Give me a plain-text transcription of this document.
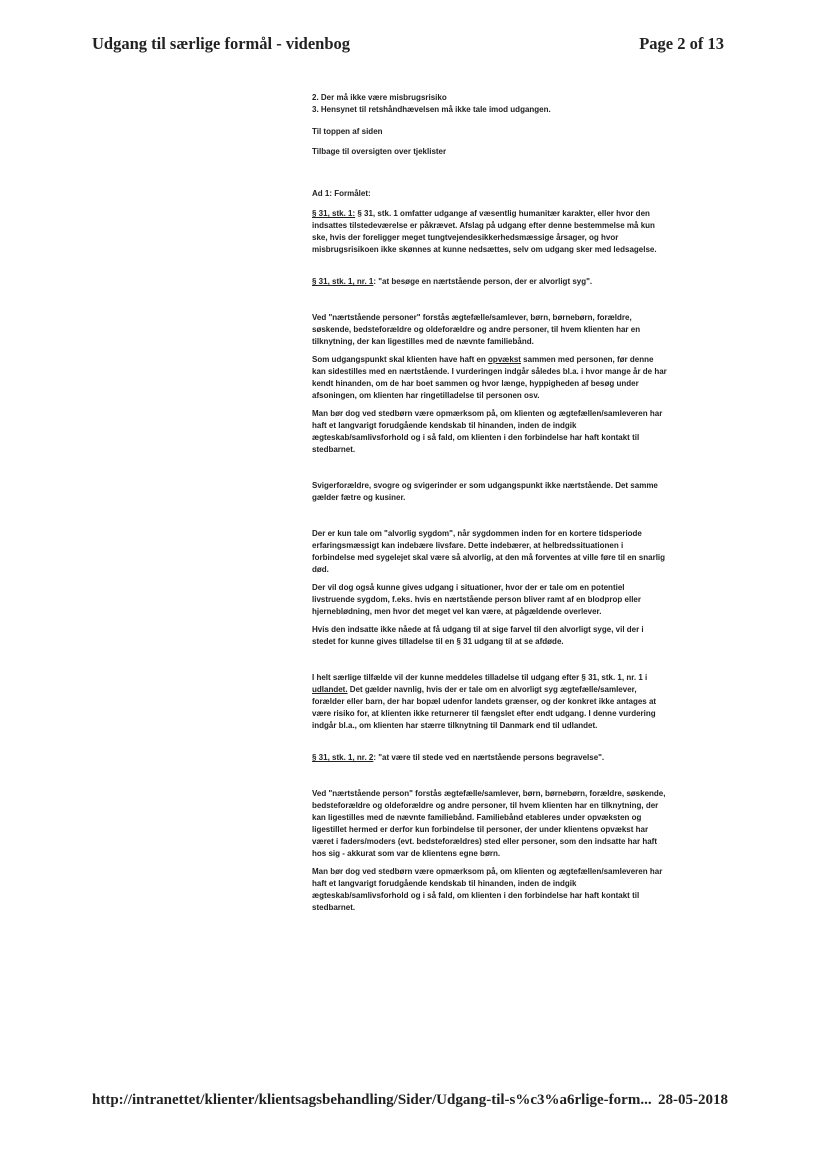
Udgang til særlige formål - videnbog	Page 2 of 13

2. Der må ikke være misbrugsrisiko

3. Hensynet til retshåndhævelsen må ikke tale imod udgangen.

Til toppen af siden

Tilbage til oversigten over tjeklister

Ad 1: Formålet:

§ 31, stk. 1: § 31, stk. 1 omfatter udgange af væsentlig humanitær karakter, eller hvor den indsattes tilstedeværelse er påkrævet. Afslag på udgang efter denne bestemmelse må kun ske, hvis der foreligger meget tungtvejendesikkerhedsmæssige årsager, og hvor misbrugsrisikoen ikke skønnes at kunne nedsættes, selv om udgang sker med ledsagelse.

§ 31, stk. 1, nr. 1: "at besøge en nærtstående person, der er alvorligt syg".

Ved "nærtstående personer" forstås ægtefælle/samlever, børn, børnebørn, forældre, søskende, bedsteforældre og oldeforældre og andre personer, til hvem klienten har en tilknytning, der kan ligestilles med de nævnte familiebånd.

Som udgangspunkt skal klienten have haft en opvækst sammen med personen, før denne kan sidestilles med en nærtstående. I vurderingen indgår således bl.a. i hvor mange år de har kendt hinanden, om de har boet sammen og hvor længe, hyppigheden af besøg under afsoningen, om klienten har ringetilladelse til personen osv.

Man bør dog ved stedbørn være opmærksom på, om klienten og ægtefællen/samleveren har haft et langvarigt forudgående kendskab til hinanden, inden de indgik ægteskab/samlivsforhold og i så fald, om klienten i den forbindelse har haft kontakt til stedbarnet.

Svigerforældre, svogre og svigerinder er som udgangspunkt ikke nærtstående. Det samme gælder fætre og kusiner.

Der er kun tale om "alvorlig sygdom", når sygdommen inden for en kortere tidsperiode erfaringsmæssigt kan indebære livsfare. Dette indebærer, at helbredssituationen i forbindelse med sygelejet skal være så alvorlig, at den må forventes at ville føre til en snarlig død.

Der vil dog også kunne gives udgang i situationer, hvor der er tale om en potentiel livstruende sygdom, f.eks. hvis en nærtstående person bliver ramt af en blodprop eller hjerneblødning, men hvor det meget vel kan være, at pågældende overlever.

Hvis den indsatte ikke nåede at få udgang til at sige farvel til den alvorligt syge, vil der i stedet for kunne gives tilladelse til en § 31 udgang til at se afdøde.

I helt særlige tilfælde vil der kunne meddeles tilladelse til udgang efter § 31, stk. 1, nr. 1 i udlandet. Det gælder navnlig, hvis der er tale om en alvorligt syg ægtefælle/samlever, forælder eller barn, der har bopæl udenfor landets grænser, og der konkret ikke antages at være risiko for, at klienten ikke returnerer til fængslet efter endt udgang. I denne vurdering indgår bl.a., om klienten har stærre tilknytning til Danmark end til udlandet.

§ 31, stk. 1, nr. 2: "at være til stede ved en nærtstående persons begravelse".

Ved "nærtstående person" forstås ægtefælle/samlever, børn, børnebørn, forældre, søskende, bedsteforældre og oldeforældre og andre personer, til hvem klienten har en tilknytning, der kan ligestilles med de nævnte familiebånd. Familiebånd etableres under opvæksten og ligestillet hermed er derfor kun forbindelse til personer, der under klientens opvækst har været i faders/moders (evt. bedsteforældres) sted eller personer, som den indsatte har haft hos sig - akkurat som var de klientens egne børn.

Man bør dog ved stedbørn være opmærksom på, om klienten og ægtefællen/samleveren har haft et langvarigt forudgående kendskab til hinanden, inden de indgik ægteskab/samlivsforhold og i så fald, om klienten i den forbindelse har haft kontakt til stedbarnet.

http://intranettet/klienter/klientsagsbehandling/Sider/Udgang-til-s%c3%a6rlige-form... 28-05-2018
